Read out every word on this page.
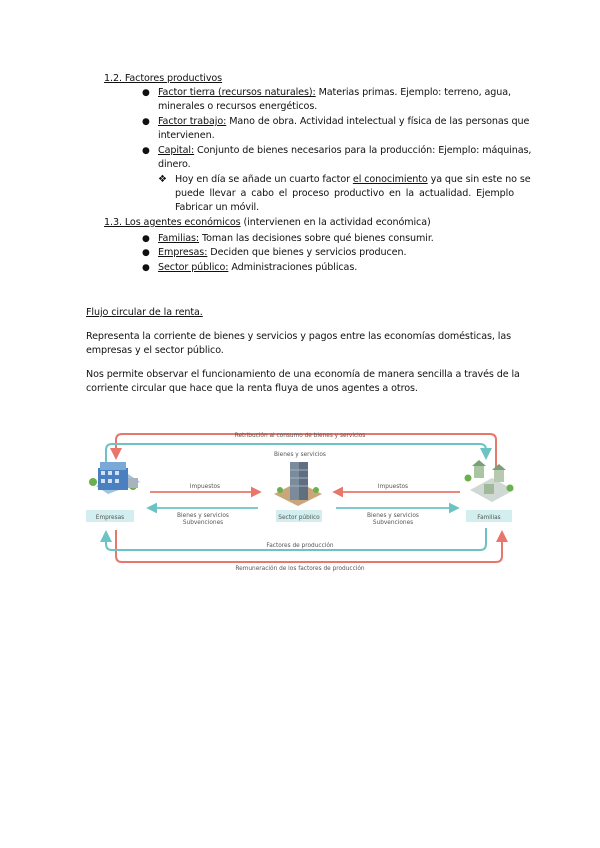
1.2. Factores productivos
● Factor tierra (recursos naturales): Materias primas. Ejemplo: terreno, agua,
minerales o recursos energéticos.
● Factor trabajo: Mano de obra. Actividad intelectual y física de las personas que
intervienen.
● Capital: Conjunto de bienes necesarios para la producción: Ejemplo: máquinas,
dinero.
❖ Hoy en día se añade un cuarto factor el conocimiento ya que sin este no se
puede llevar a cabo el proceso productivo en la actualidad. Ejemplo
Fabricar un móvil.
1.3. Los agentes económicos (intervienen en la actividad económica)
● Familias: Toman las decisiones sobre qué bienes consumir.
● Empresas: Deciden que bienes y servicios producen.
● Sector público: Administraciones públicas.
Flujo circular de la renta.
Representa la corriente de bienes y servicios y pagos entre las economías domésticas, las
empresas y el sector público.
Nos permite observar el funcionamiento de una economía de manera sencilla a través de la
corriente circular que hace que la renta fluya de unos agentes a otros.
Retribución al consumo de bienes y servicios
Bienes y servicios
Impuestos	Impuestos
Bienes y servicios
Subvenciones
Bienes y servicios
Subvenciones
Empresas	Sector público	Familias
Factores de producción
Remuneración de los factores de producción
